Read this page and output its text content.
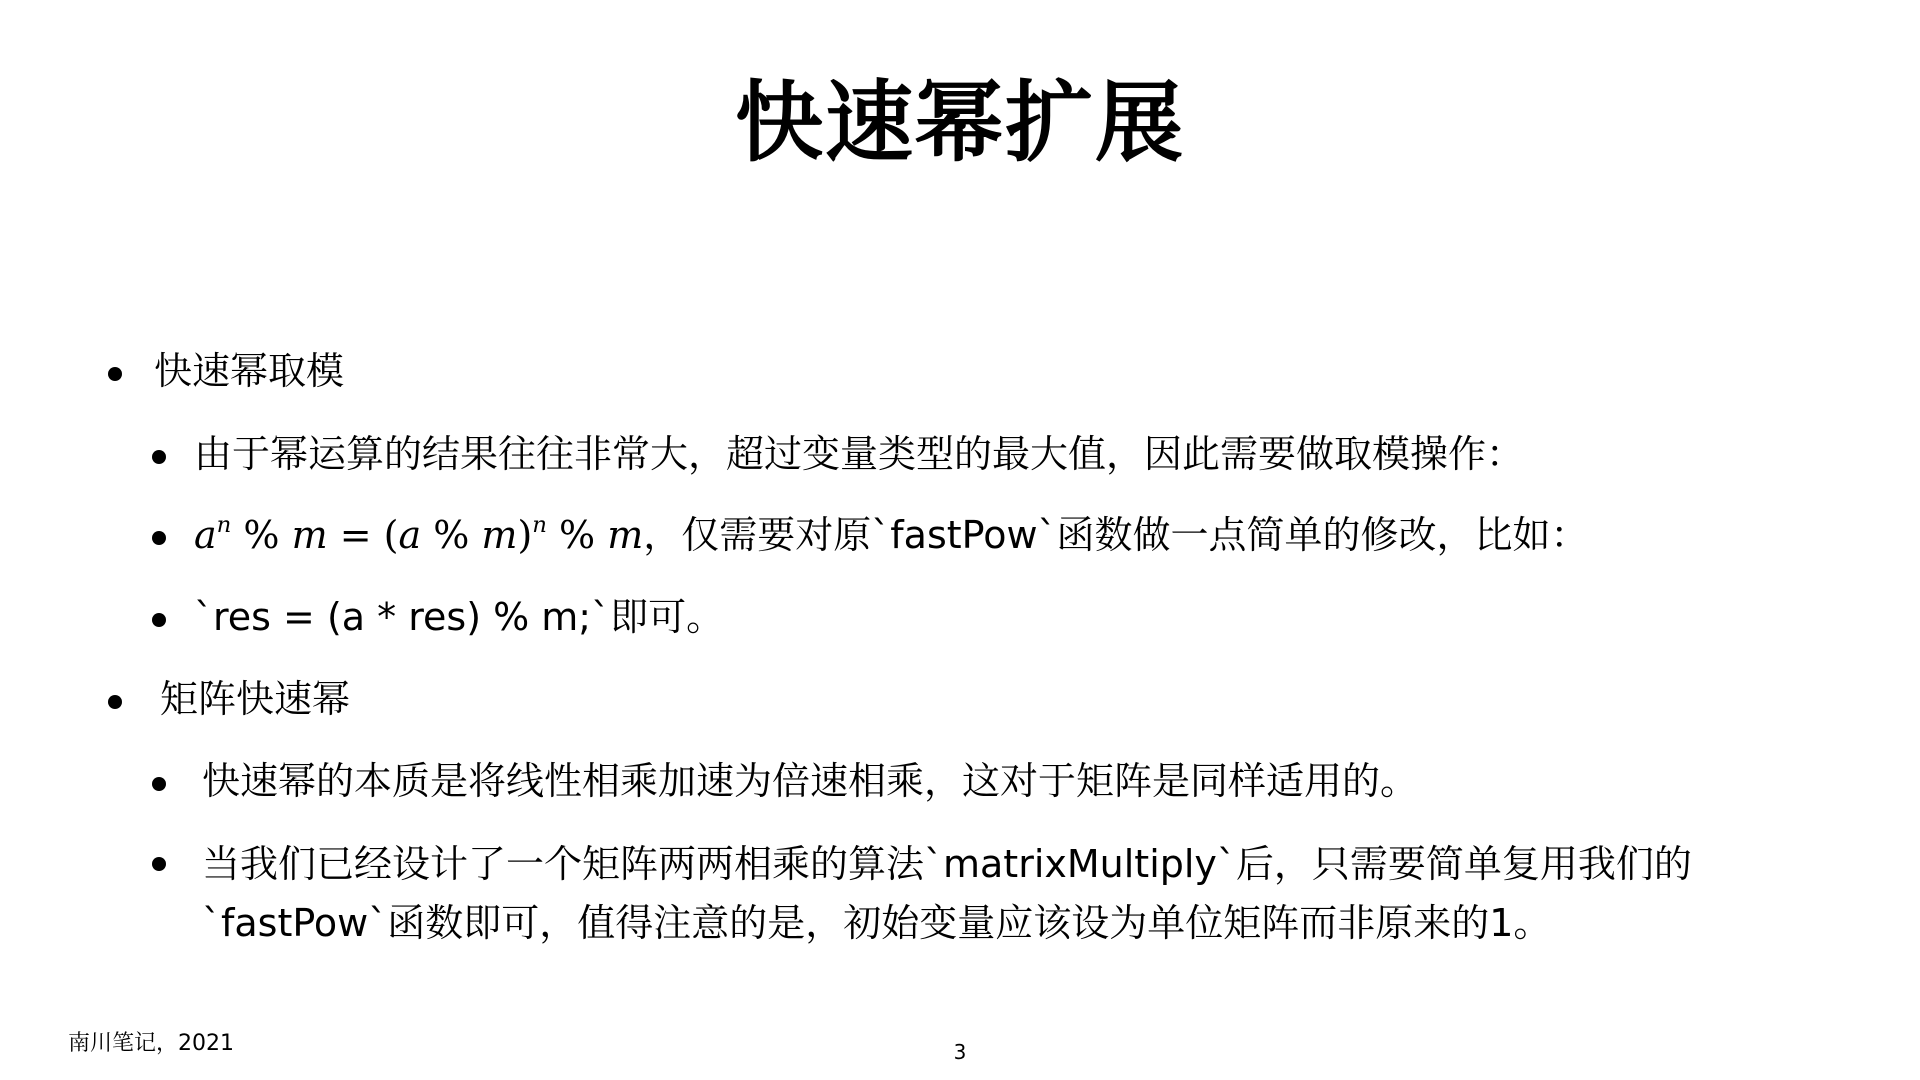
快速幂扩展
快速幂取模
由于幂运算的结果往往非常大，超过变量类型的最大值，因此需要做取模操作：
$a^n$ % m = (a % m)$^n$ % m，仅需要对原`fastPow`函数做一点简单的修改，比如：
`res = (a * res) % m;`即可。
矩阵快速幂
快速幂的本质是将线性相乘加速为倍速相乘，这对于矩阵是同样适用的。
当我们已经设计了一个矩阵两两相乘的算法`matrixMultiply`后，只需要简单复用我们的
`fastPow`函数即可，值得注意的是，初始变量应该设为单位矩阵而非原来的1。
南川笔记，2021	3
